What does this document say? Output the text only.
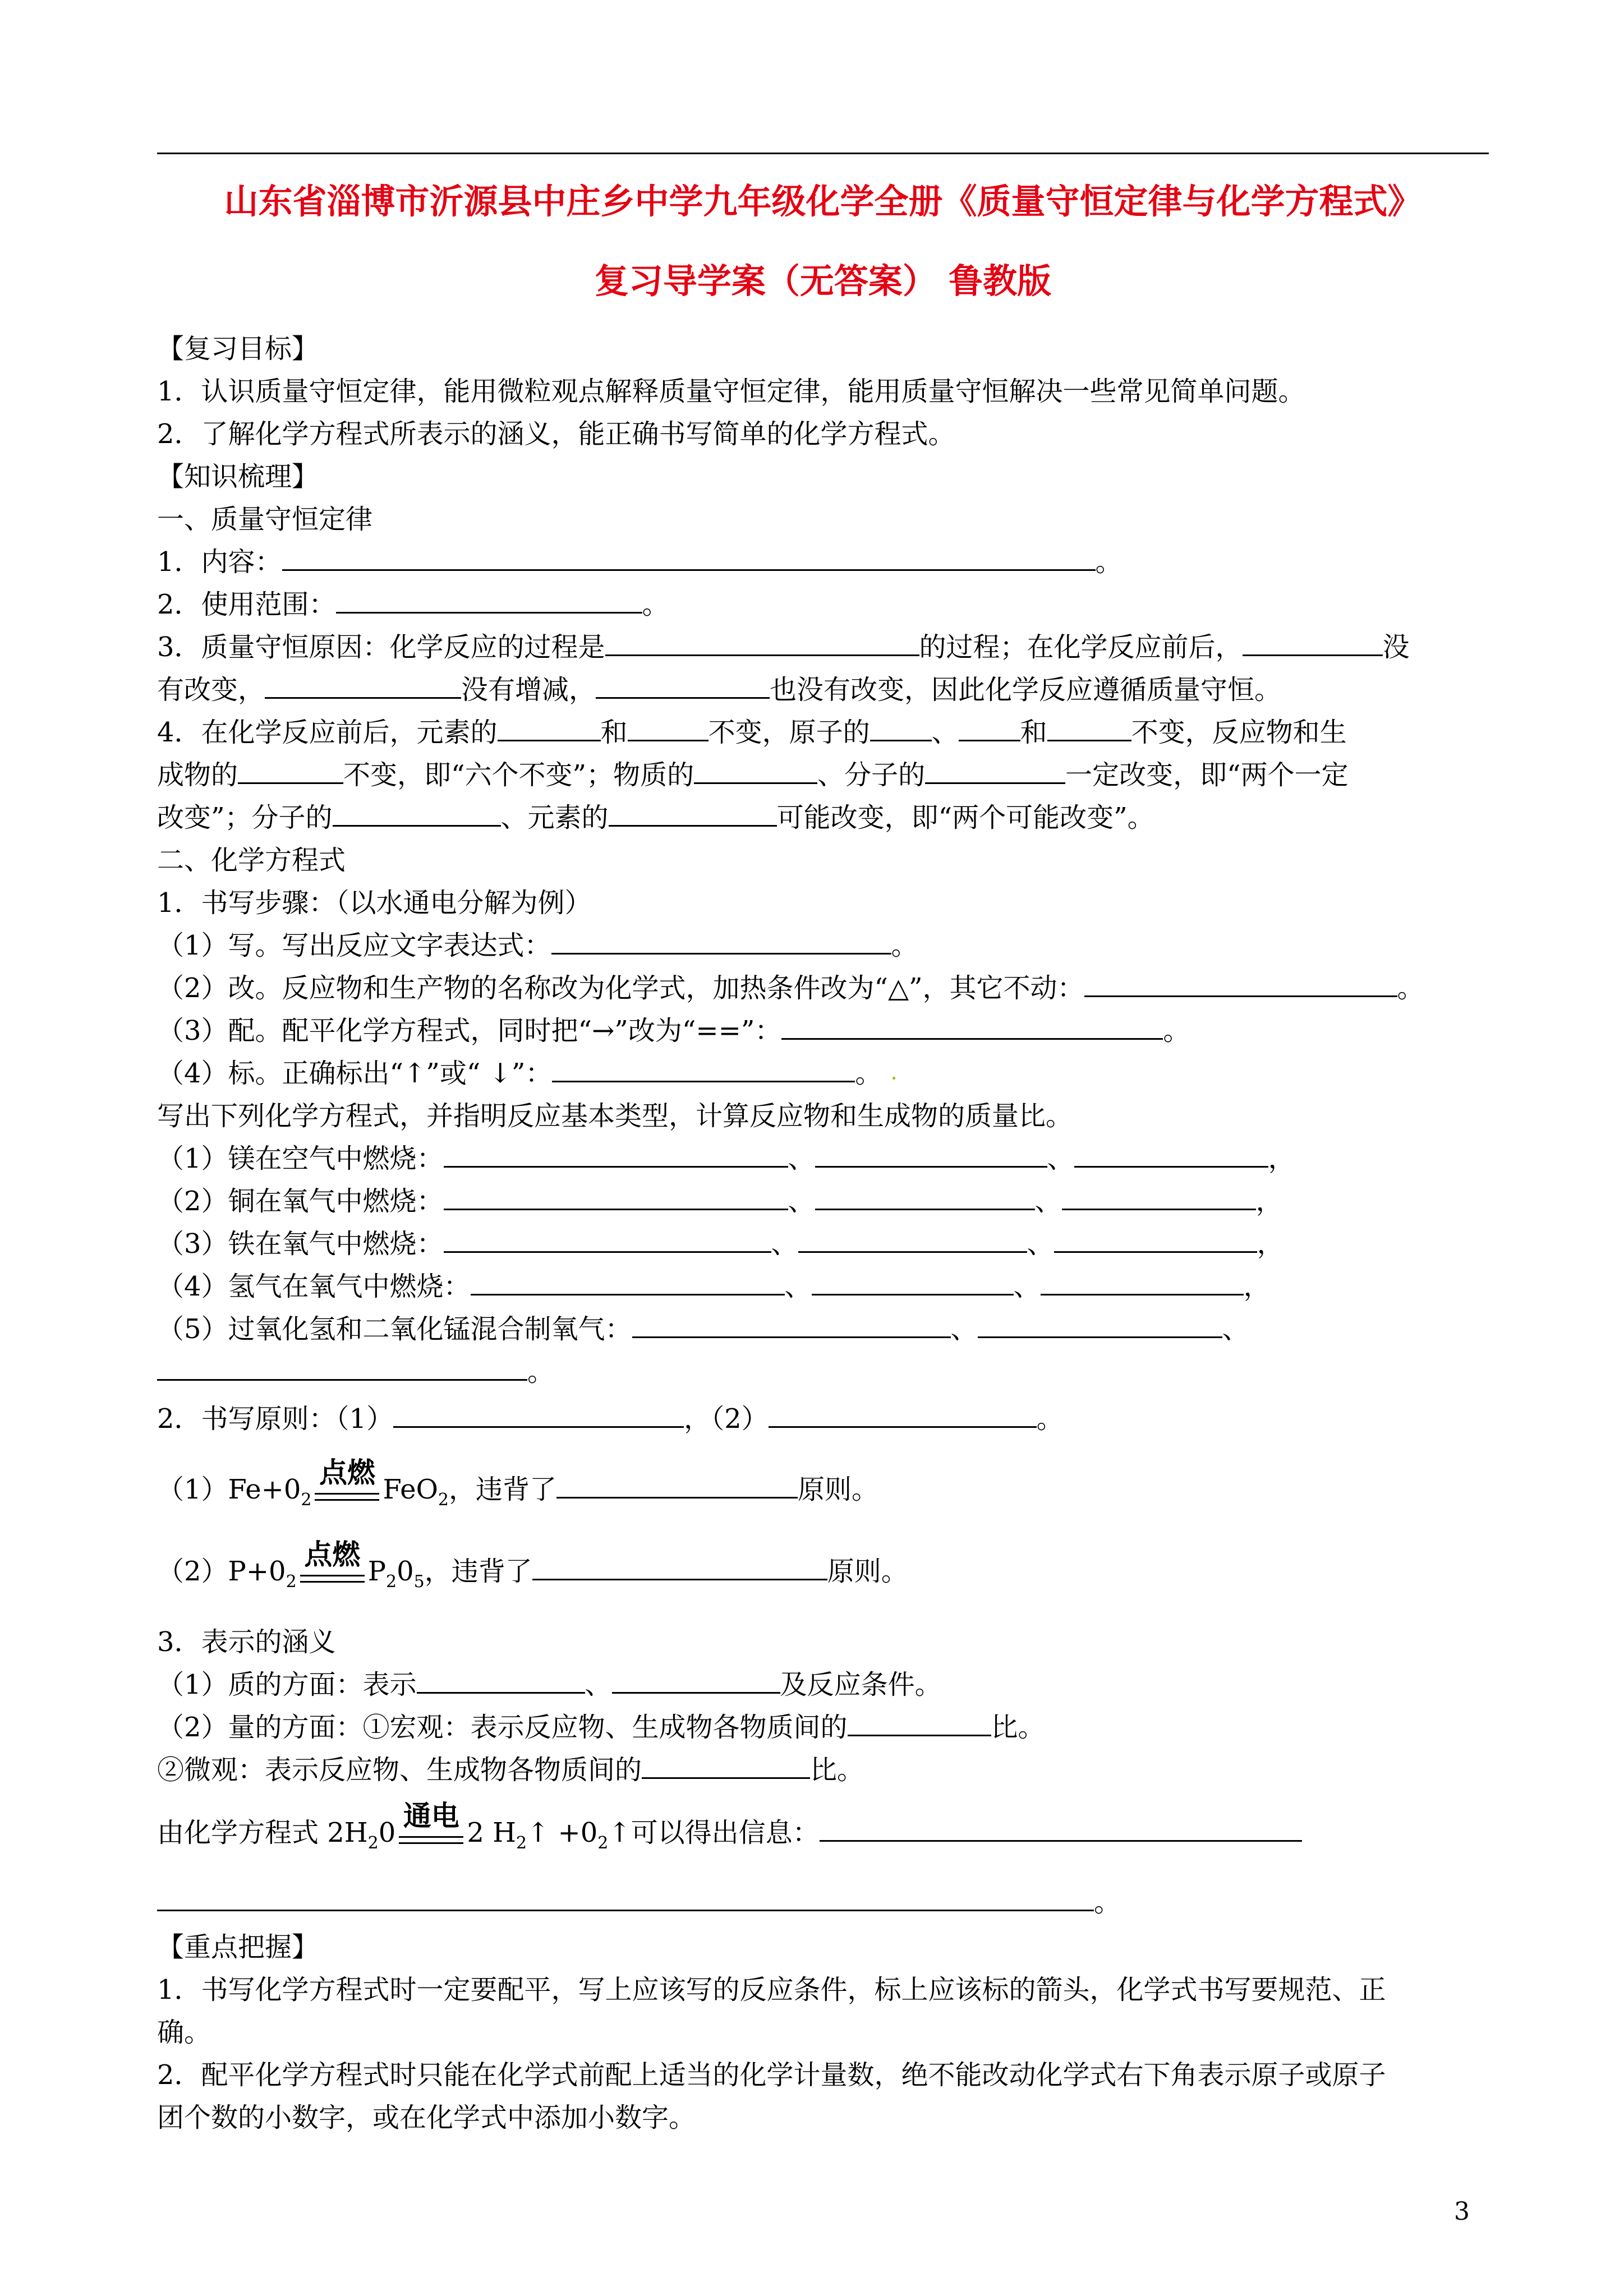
山东省淄博市沂源县中庄乡中学九年级化学全册《质量守恒定律与化学方程式》
复习导学案（无答案） 鲁教版
【复习目标】
1．认识质量守恒定律，能用微粒观点解释质量守恒定律，能用质量守恒解决一些常见简单问题。
2．了解化学方程式所表示的涵义，能正确书写简单的化学方程式。
【知识梳理】
一、质量守恒定律
1．内容：	。
2．使用范围：	。
3．质量守恒原因：化学反应的过程是	的过程；在化学反应前后，	没
有改变，	没有增减，	也没有改变，因此化学反应遵循质量守恒。
4．在化学反应前后，元素的	和	不变，原子的 、 和	不变，反应物和生
成物的	不变，即“六个不变”；物质的	、分子的	一定改变，即“两个一定
改变”；分子的	、元素的	可能改变，即“两个可能改变”。
二、化学方程式
1．书写步骤：（以水通电分解为例）
（1）写。写出反应文字表达式：	。
（2）改。反应物和生产物的名称改为化学式，加热条件改为“△”，其它不动：	。
（3）配。配平化学方程式，同时把“→”改为“==”：	。
（4）标。正确标出“↑”或“ ↓”：	。
写出下列化学方程式，并指明反应基本类型，计算反应物和生成物的质量比。
（1）镁在空气中燃烧：	、	、	，
（2）铜在氧气中燃烧：	、	、	，
（3）铁在氧气中燃烧：	、	、	，
（4）氢气在氧气中燃烧：	、	、	，
（5）过氧化氢和二氧化锰混合制氧气：	、	、
。
2．书写原则：（1）	，（2）	。
$(1)Fe+0_2$
点燃
FeO$_2$，违背了	原则。
$(2)P+0_2$
点燃
$P_20_5$，违背了	原则。
3．表示的涵义
（1）质的方面：表示	、	及反应条件。
（2）量的方面：①宏观：表示反应物、生成物各物质间的	比。
②微观：表示反应物、生成物各物质间的	比。
由化学方程式 $2H_20$
通电
2 $H_2↑$ $+0_2↑$可以得出信息：
。
【重点把握】
1．书写化学方程式时一定要配平，写上应该写的反应条件，标上应该标的箭头，化学式书写要规范、正
确。
2．配平化学方程式时只能在化学式前配上适当的化学计量数，绝不能改动化学式右下角表示原子或原子
团个数的小数字，或在化学式中添加小数字。
3
